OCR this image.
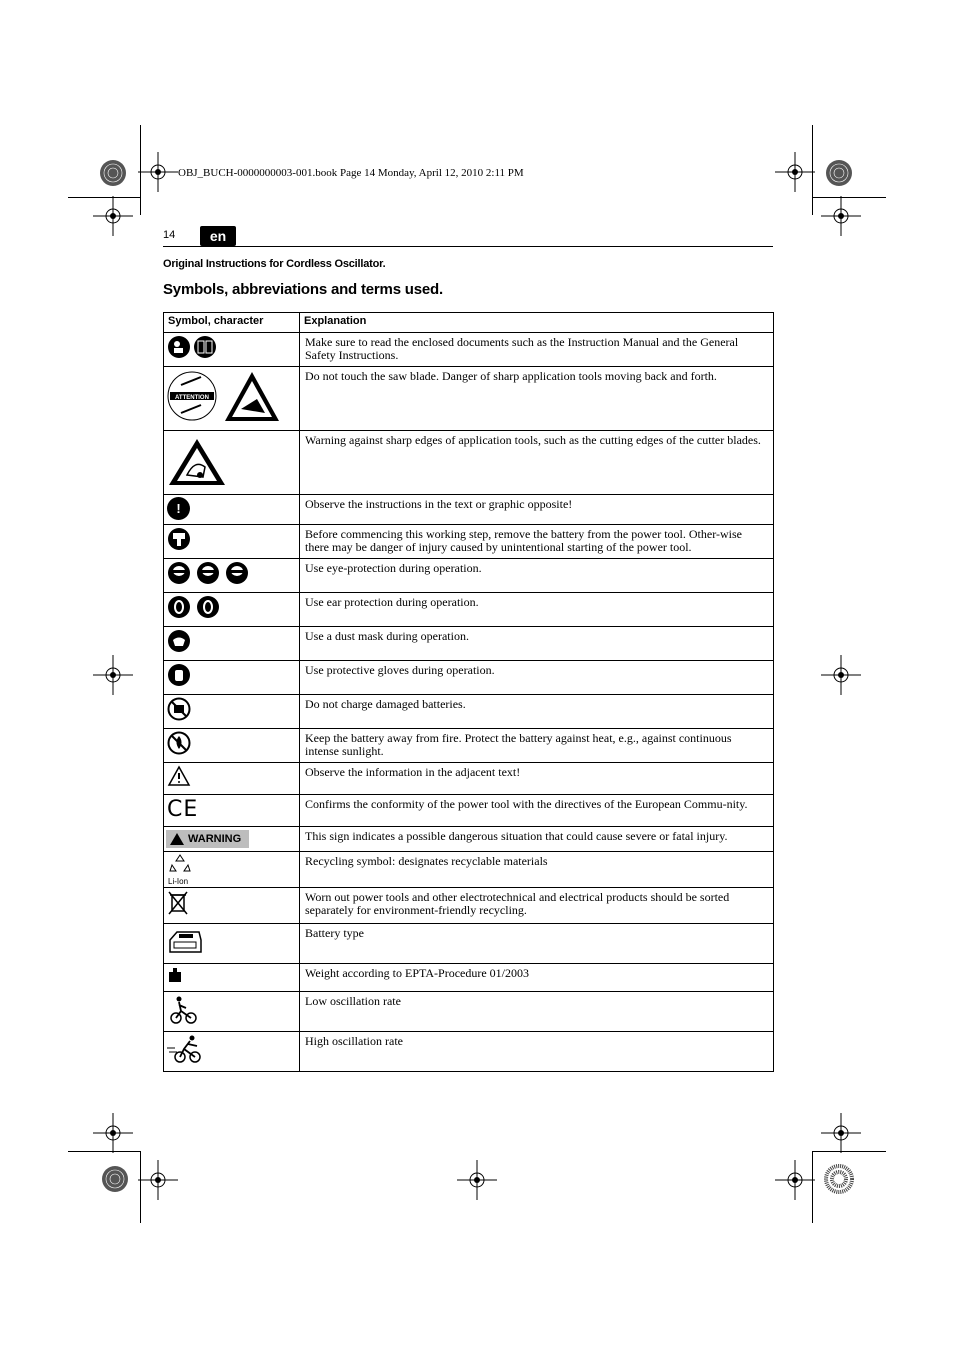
OBJ_BUCH-0000000003-001.book Page 14 Monday, April 12, 2010 2:11 PM
14	en
Original Instructions for Cordless Oscillator.
Symbols, abbreviations and terms used.
Symbol, character	Explanation

	Make sure to read the enclosed documents such as the Instruction Manual and the General Safety Instructions.

ATTENTION	Do not touch the saw blade. Danger of sharp application tools moving back and forth.

	Warning against sharp edges of application tools, such as the cutting edges of the cutter blades.

!	Observe the instructions in the text or graphic opposite!

	Before commencing this working step, remove the battery from the power tool. Other-wise there may be danger of injury caused by unintentional starting of the power tool.

	Use eye-protection during operation.

	Use ear protection during operation.

	Use a dust mask during operation.

	Use protective gloves during operation.

	Do not charge damaged batteries.

	Keep the battery away from fire. Protect the battery against heat, e.g., against continuous intense sunlight.

	Observe the information in the adjacent text!

CE	Confirms the conformity of the power tool with the directives of the European Commu-nity.

WARNING	This sign indicates a possible dangerous situation that could cause severe or fatal injury.

Li-Ion	Recycling symbol: designates recyclable materials

	Worn out power tools and other electrotechnical and electrical products should be sorted separately for environment-friendly recycling.

	Battery type

	Weight according to EPTA-Procedure 01/2003

	Low oscillation rate

	High oscillation rate
